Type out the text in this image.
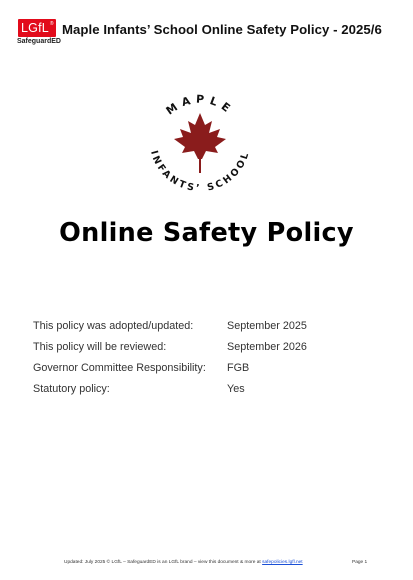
LGfL®
SafeguardED
Maple Infants’ School Online Safety Policy - 2025/6
MAPLE
INFANTS’ SCHOOL
Online Safety Policy
This policy was adopted/updated:	September 2025
This policy will be reviewed:	September 2026
Governor Committee Responsibility: FGB
Statutory policy:	Yes
Updated: July 2025 © LGfL – SafeguardED is an LGfL brand – view this document & more at safepolicies.lgfl.net	Page 1
